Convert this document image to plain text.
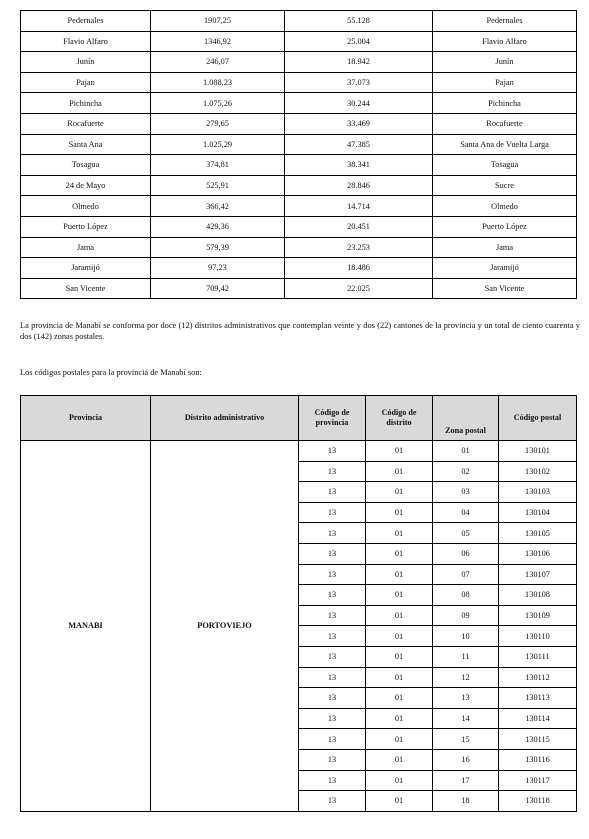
Pedernales	1907,25	55.128	Pedernales
Flavio Alfaro	1346,92	25.004	Flavio Alfaro
Junín	246,07	18.942	Junín
Pajan	1.088,23	37.073	Pajan
Pichincha	1.075,26	30.244	Pichincha
Rocafuerte	279,65	33.469	Rocafuerte
Santa Ana	1.025,29	47.385	Santa Ana de Vuelta Larga
Tosagua	374,81	38.341	Tosagua
24 de Mayo	525,91	28.846	Sucre
Olmedo	366,42	14.714	Olmedo
Puerto López	429,36	20.451	Puerto López
Jama	579,39	23.253	Jama
Jaramijó	97,23	18.486	Jaramijó
San Vicente	709,42	22.025	San Vicente

La provincia de Manabí se conforma por doce (12) distritos administrativos que contemplan veinte y dos (22) cantones de la provincia y un total de ciento cuarenta y dos (142) zonas postales.

Los códigos postales para la provincia de Manabí son:

Provincia	Distrito administrativo	Código de provincia	Código de distrito	Zona postal	Código postal
MANABI	PORTOVIEJO	13	01	01	130101
		13	01	02	130102
		13	01	03	130103
		13	01	04	130104
		13	01	05	130105
		13	01	06	130106
		13	01	07	130107
		13	01	08	130108
		13	01	09	130109
		13	01	10	130110
		13	01	11	130111
		13	01	12	130112
		13	01	13	130113
		13	01	14	130114
		13	01	15	130115
		13	01	16	130116
		13	01	17	130117
		13	01	18	130118
